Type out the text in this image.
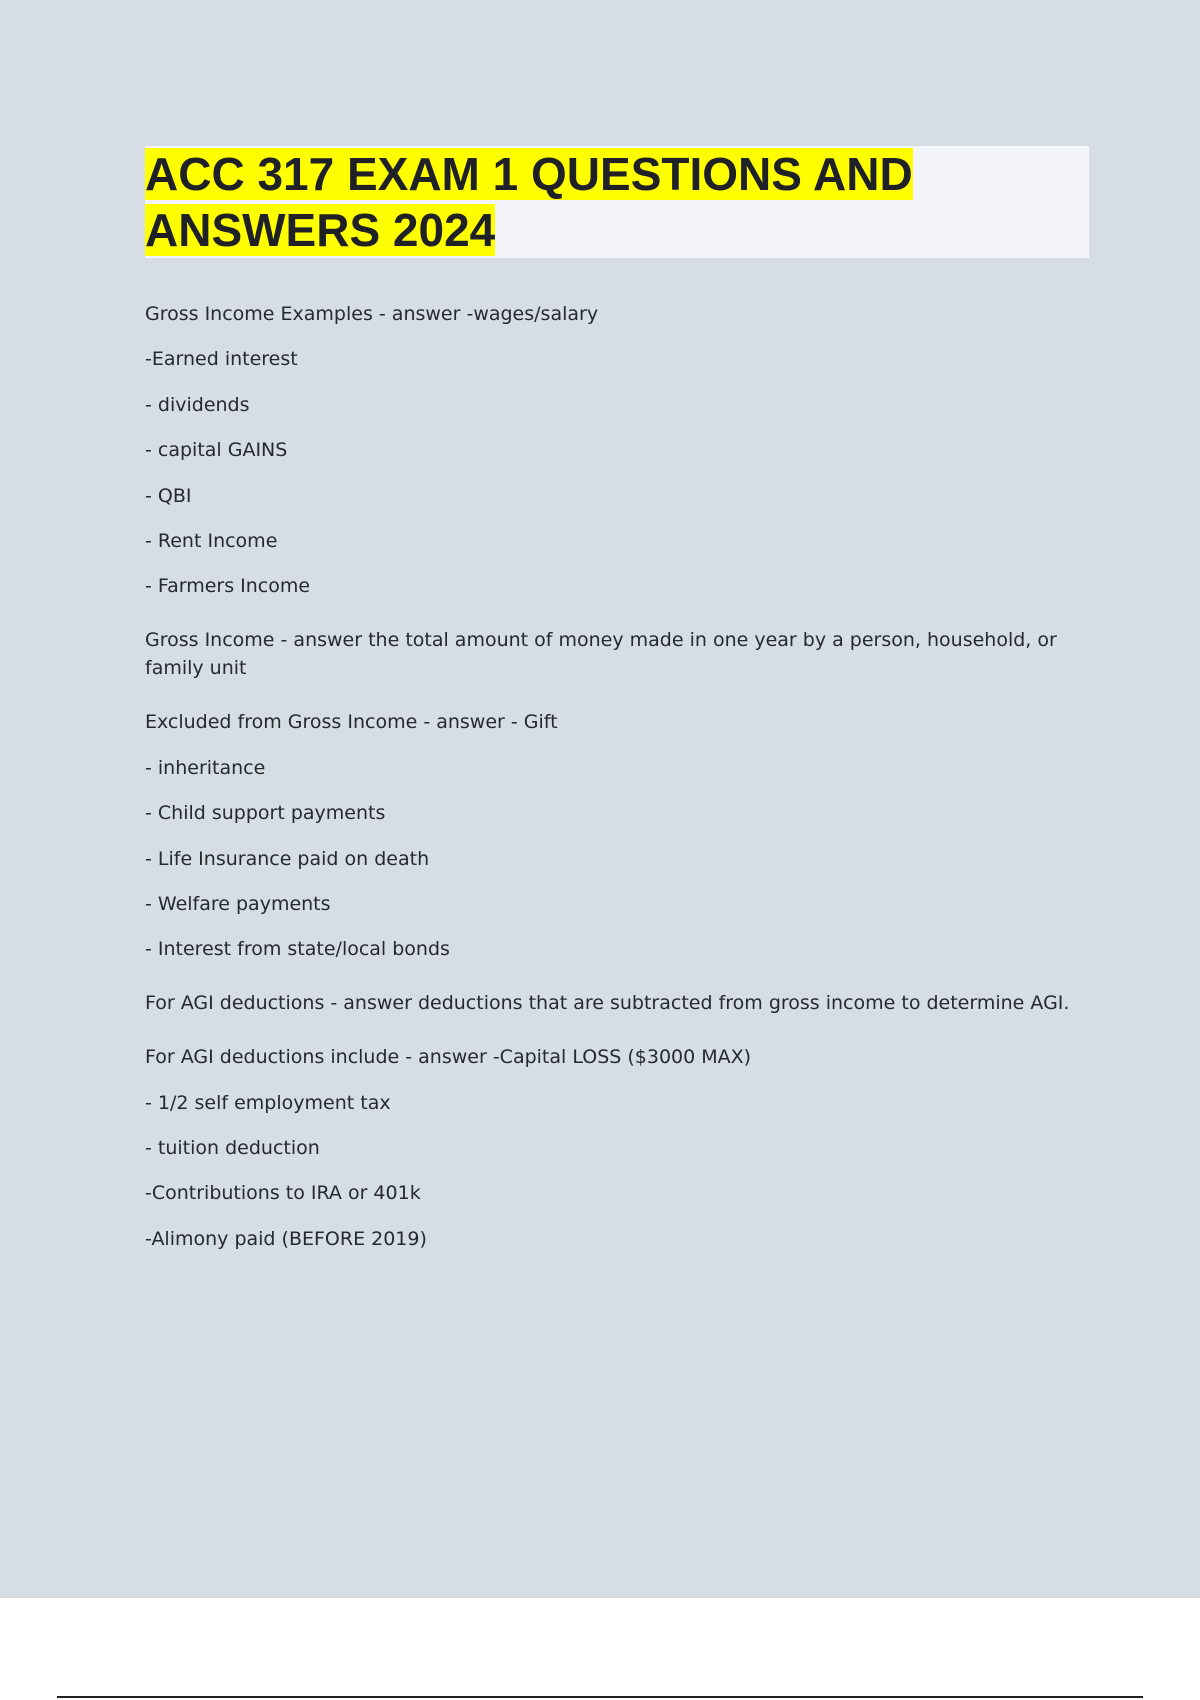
ACC 317 EXAM 1 QUESTIONS AND ANSWERS 2024
Gross Income Examples - answer -wages/salary
-Earned interest
- dividends
- capital GAINS
- QBI
- Rent Income
- Farmers Income
Gross Income - answer the total amount of money made in one year by a person, household, or family unit
Excluded from Gross Income - answer - Gift
- inheritance
- Child support payments
- Life Insurance paid on death
- Welfare payments
- Interest from state/local bonds
For AGI deductions - answer deductions that are subtracted from gross income to determine AGI.
For AGI deductions include - answer -Capital LOSS ($3000 MAX)
- 1/2 self employment tax
- tuition deduction
-Contributions to IRA or 401k
-Alimony paid (BEFORE 2019)
